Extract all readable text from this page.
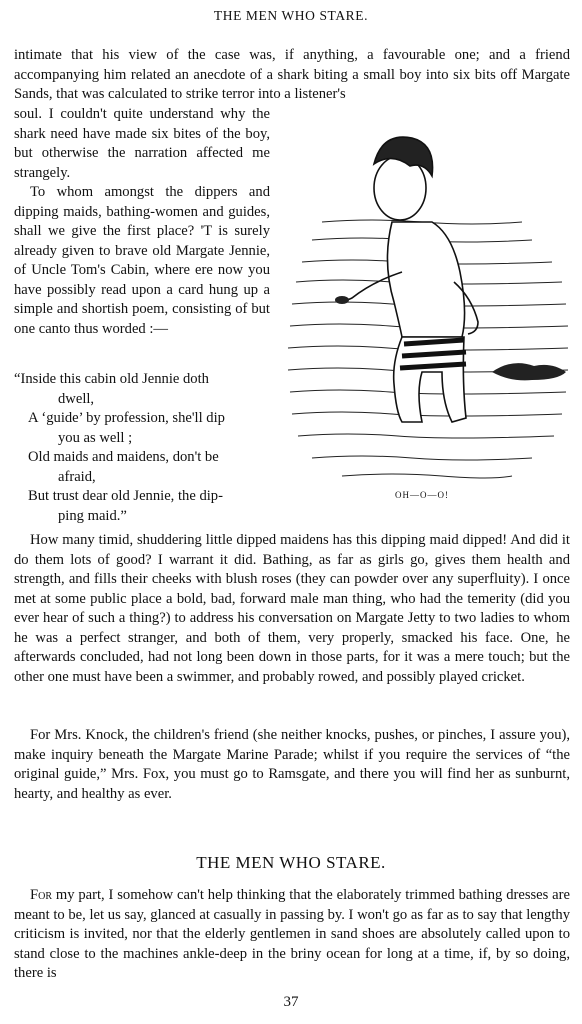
THE MEN WHO STARE.

intimate that his view of the case was, if anything, a favourable one; and a friend accompanying him related an anecdote of a shark biting a small boy into six bits off Margate Sands, that was calculated to strike terror into a listener's

soul. I couldn't quite understand why the shark need have made six bites of the boy, but otherwise the narration affected me strangely.

To whom amongst the dippers and dipping maids, bathing-women and guides, shall we give the first place? 'T is surely already given to brave old Margate Jennie, of Uncle Tom's Cabin, where ere now you have possibly read upon a card hung up a simple and shortish poem, consisting of but one canto thus worded :—

“Inside this cabin old Jennie doth
dwell,
A ‘guide’ by profession, she'll dip
you as well ;
Old maids and maidens, don't be
afraid,
But trust dear old Jennie, the dip-
ping maid.”
OH—O—O!

How many timid, shuddering little dipped maidens has this dipping maid dipped! And did it do them lots of good? I warrant it did. Bathing, as far as girls go, gives them health and strength, and fills their cheeks with blush roses (they can powder over any superfluity). I once met at some public place a bold, bad, forward male man thing, who had the temerity (did you ever hear of such a thing?) to address his conversation on Margate Jetty to two ladies to whom he was a perfect stranger, and both of them, very properly, smacked his face. One, he afterwards concluded, had not long been down in those parts, for it was a mere touch; but the other one must have been a swimmer, and probably rowed, and possibly played cricket.

For Mrs. Knock, the children's friend (she neither knocks, pushes, or pinches, I assure you), make inquiry beneath the Margate Marine Parade; whilst if you require the services of “the original guide,” Mrs. Fox, you must go to Ramsgate, and there you will find her as sunburnt, hearty, and healthy as ever.

THE MEN WHO STARE.

For my part, I somehow can't help thinking that the elaborately trimmed bathing dresses are meant to be, let us say, glanced at casually in passing by. I won't go as far as to say that lengthy criticism is invited, nor that the elderly gentlemen in sand shoes are absolutely called upon to stand close to the machines ankle-deep in the briny ocean for long at a time, if, by so doing, there is

37
